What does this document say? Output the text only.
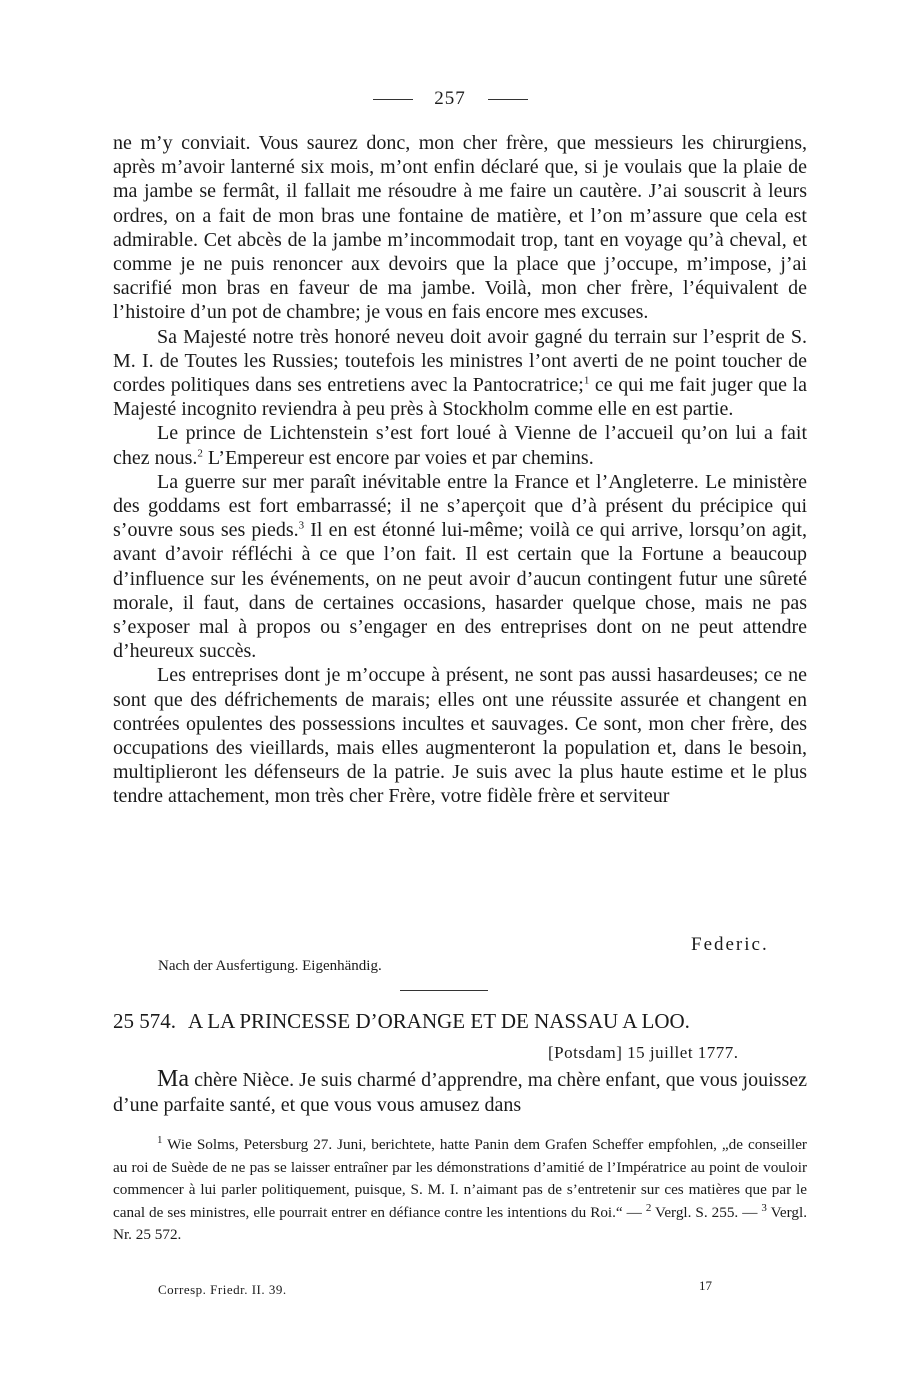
257

ne m’y conviait. Vous saurez donc, mon cher frère, que messieurs les chirurgiens, après m’avoir lanterné six mois, m’ont enfin déclaré que, si je voulais que la plaie de ma jambe se fermât, il fallait me résoudre à me faire un cautère. J’ai souscrit à leurs ordres, on a fait de mon bras une fontaine de matière, et l’on m’assure que cela est admirable. Cet abcès de la jambe m’incommodait trop, tant en voyage qu’à cheval, et comme je ne puis renoncer aux devoirs que la place que j’occupe, m’impose, j’ai sacrifié mon bras en faveur de ma jambe. Voilà, mon cher frère, l’équivalent de l’histoire d’un pot de chambre; je vous en fais encore mes excuses.

Sa Majesté notre très honoré neveu doit avoir gagné du terrain sur l’esprit de S. M. I. de Toutes les Russies; toutefois les ministres l’ont averti de ne point toucher de cordes politiques dans ses entretiens avec la Pantocratrice;$^1$ ce qui me fait juger que la Majesté incognito reviendra à peu près à Stockholm comme elle en est partie.

Le prince de Lichtenstein s’est fort loué à Vienne de l’accueil qu’on lui a fait chez nous.$^2$ L’Empereur est encore par voies et par chemins.

La guerre sur mer paraît inévitable entre la France et l’Angleterre. Le ministère des goddams est fort embarrassé; il ne s’aperçoit que d’à présent du précipice qui s’ouvre sous ses pieds.$^3$ Il en est étonné lui-même; voilà ce qui arrive, lorsqu’on agit, avant d’avoir réfléchi à ce que l’on fait. Il est certain que la Fortune a beaucoup d’influence sur les événements, on ne peut avoir d’aucun contingent futur une sûreté morale, il faut, dans de certaines occasions, hasarder quelque chose, mais ne pas s’exposer mal à propos ou s’engager en des entreprises dont on ne peut attendre d’heureux succès.

Les entreprises dont je m’occupe à présent, ne sont pas aussi hasardeuses; ce ne sont que des défrichements de marais; elles ont une réussite assurée et changent en contrées opulentes des possessions incultes et sauvages. Ce sont, mon cher frère, des occupations des vieillards, mais elles augmenteront la population et, dans le besoin, multiplieront les défenseurs de la patrie. Je suis avec la plus haute estime et le plus tendre attachement, mon très cher Frère, votre fidèle frère et serviteur

Federic.
Nach der Ausfertigung. Eigenhändig.
25 574. A LA PRINCESSE D’ORANGE ET DE NASSAU A LOO.
[Potsdam] 15 juillet 1777.

Ma chère Nièce. Je suis charmé d’apprendre, ma chère enfant, que vous jouissez d’une parfaite santé, et que vous vous amusez dans

$^1$ Wie Solms, Petersburg 27. Juni, berichtete, hatte Panin dem Grafen Scheffer empfohlen, „de conseiller au roi de Suède de ne pas se laisser entraîner par les démonstrations d’amitié de l’Impératrice au point de vouloir commencer à lui parler politiquement, puisque, S. M. I. n’aimant pas de s’entretenir sur ces matières que par le canal de ses ministres, elle pourrait entrer en défiance contre les intentions du Roi.“ — $^2$ Vergl. S. 255. — $^3$ Vergl. Nr. 25 572.

Corresp. Friedr. II. 39.	17
